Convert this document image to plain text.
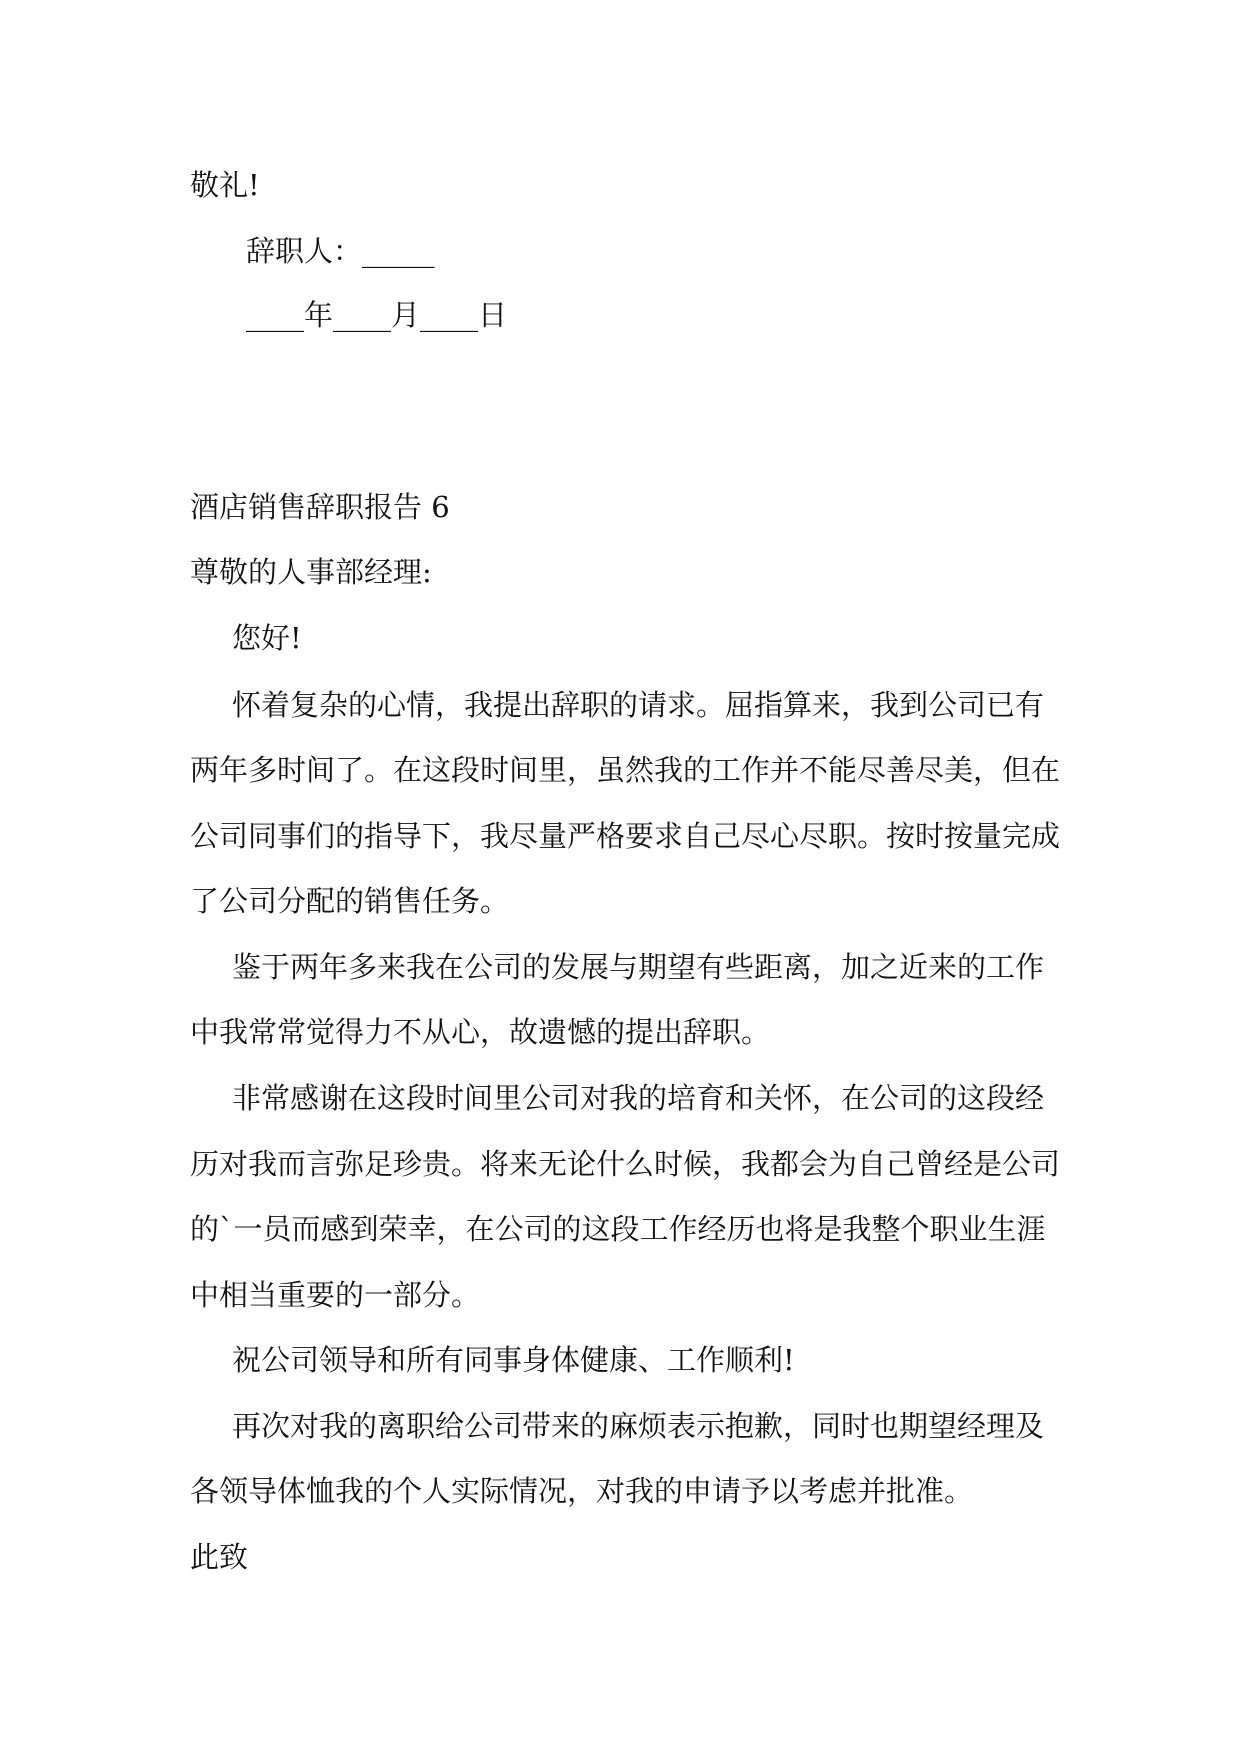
敬礼!
辞职人：_____
____年____月____日
酒店销售辞职报告 6
尊敬的人事部经理:
您好!
怀着复杂的心情，我提出辞职的请求。屈指算来，我到公司已有
两年多时间了。在这段时间里，虽然我的工作并不能尽善尽美，但在
公司同事们的指导下，我尽量严格要求自己尽心尽职。按时按量完成
了公司分配的销售任务。
鉴于两年多来我在公司的发展与期望有些距离，加之近来的工作
中我常常觉得力不从心，故遗憾的提出辞职。
非常感谢在这段时间里公司对我的培育和关怀，在公司的这段经
历对我而言弥足珍贵。将来无论什么时候，我都会为自己曾经是公司
的`一员而感到荣幸，在公司的这段工作经历也将是我整个职业生涯
中相当重要的一部分。
祝公司领导和所有同事身体健康、工作顺利!
再次对我的离职给公司带来的麻烦表示抱歉，同时也期望经理及
各领导体恤我的个人实际情况，对我的申请予以考虑并批准。
此致
